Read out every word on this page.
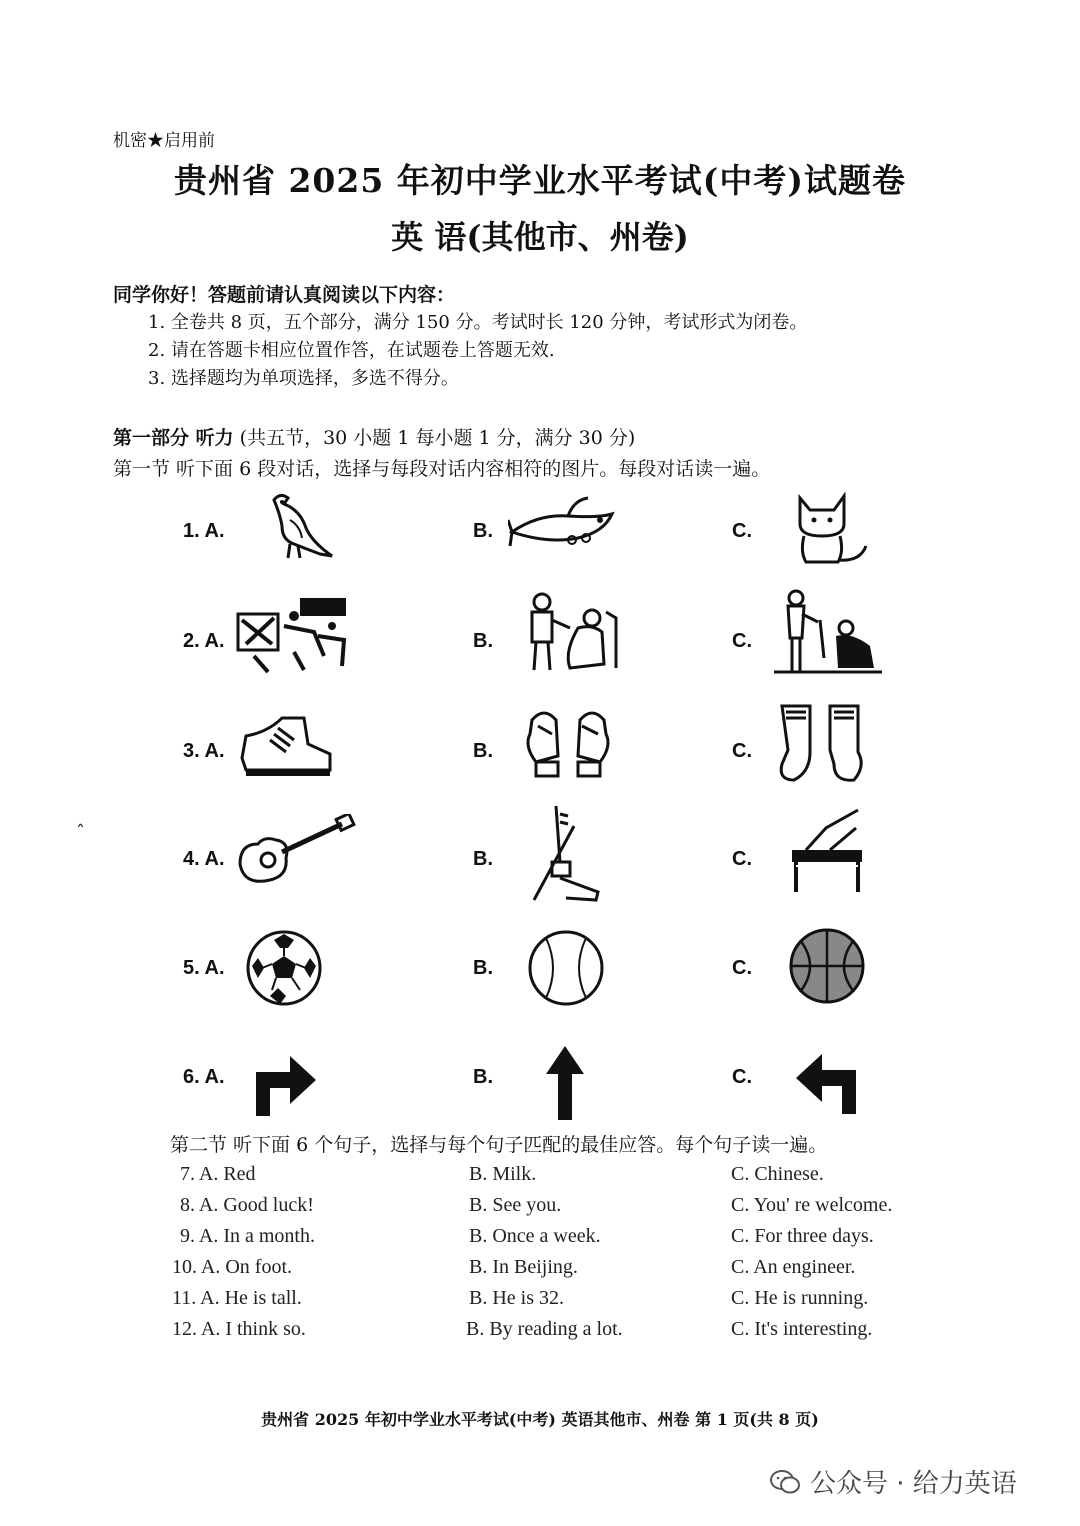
机密★启用前
贵州省 2025 年初中学业水平考试(中考)试题卷
英 语(其他市、州卷)
同学你好！答题前请认真阅读以下内容：
1. 全卷共 8 页，五个部分，满分 150 分。考试时长 120 分钟，考试形式为闭卷。
2. 请在答题卡相应位置作答，在试题卷上答题无效.
3. 选择题均为单项选择，多选不得分。
第一部分 听力 (共五节，30 小题 1 每小题 1 分，满分 30 分)
第一节 听下面 6 段对话，选择与每段对话内容相符的图片。每段对话读一遍。
ˆ
1. A.	B.	C.
2. A.	B.	C.
3. A.	B.	C.
4. A.	B.	C.
5. A.	B.	C.
6. A.	B.	C.
第二节 听下面 6 个句子，选择与每个句子匹配的最佳应答。每个句子读一遍。
7. A. Red	B. Milk.	C. Chinese.
8. A. Good luck!	B. See you.	C. You' re welcome.
9. A. In a month.	B. Once a week.	C. For three days.
10. A. On foot.	B. In Beijing.	C. An engineer.
11. A. He is tall.	B. He is 32.	C. He is running.
12. A. I think so.	B. By reading a lot.	C. It's interesting.
贵州省 2025 年初中学业水平考试(中考) 英语其他市、州卷 第 1 页(共 8 页)
公众号 · 给力英语
